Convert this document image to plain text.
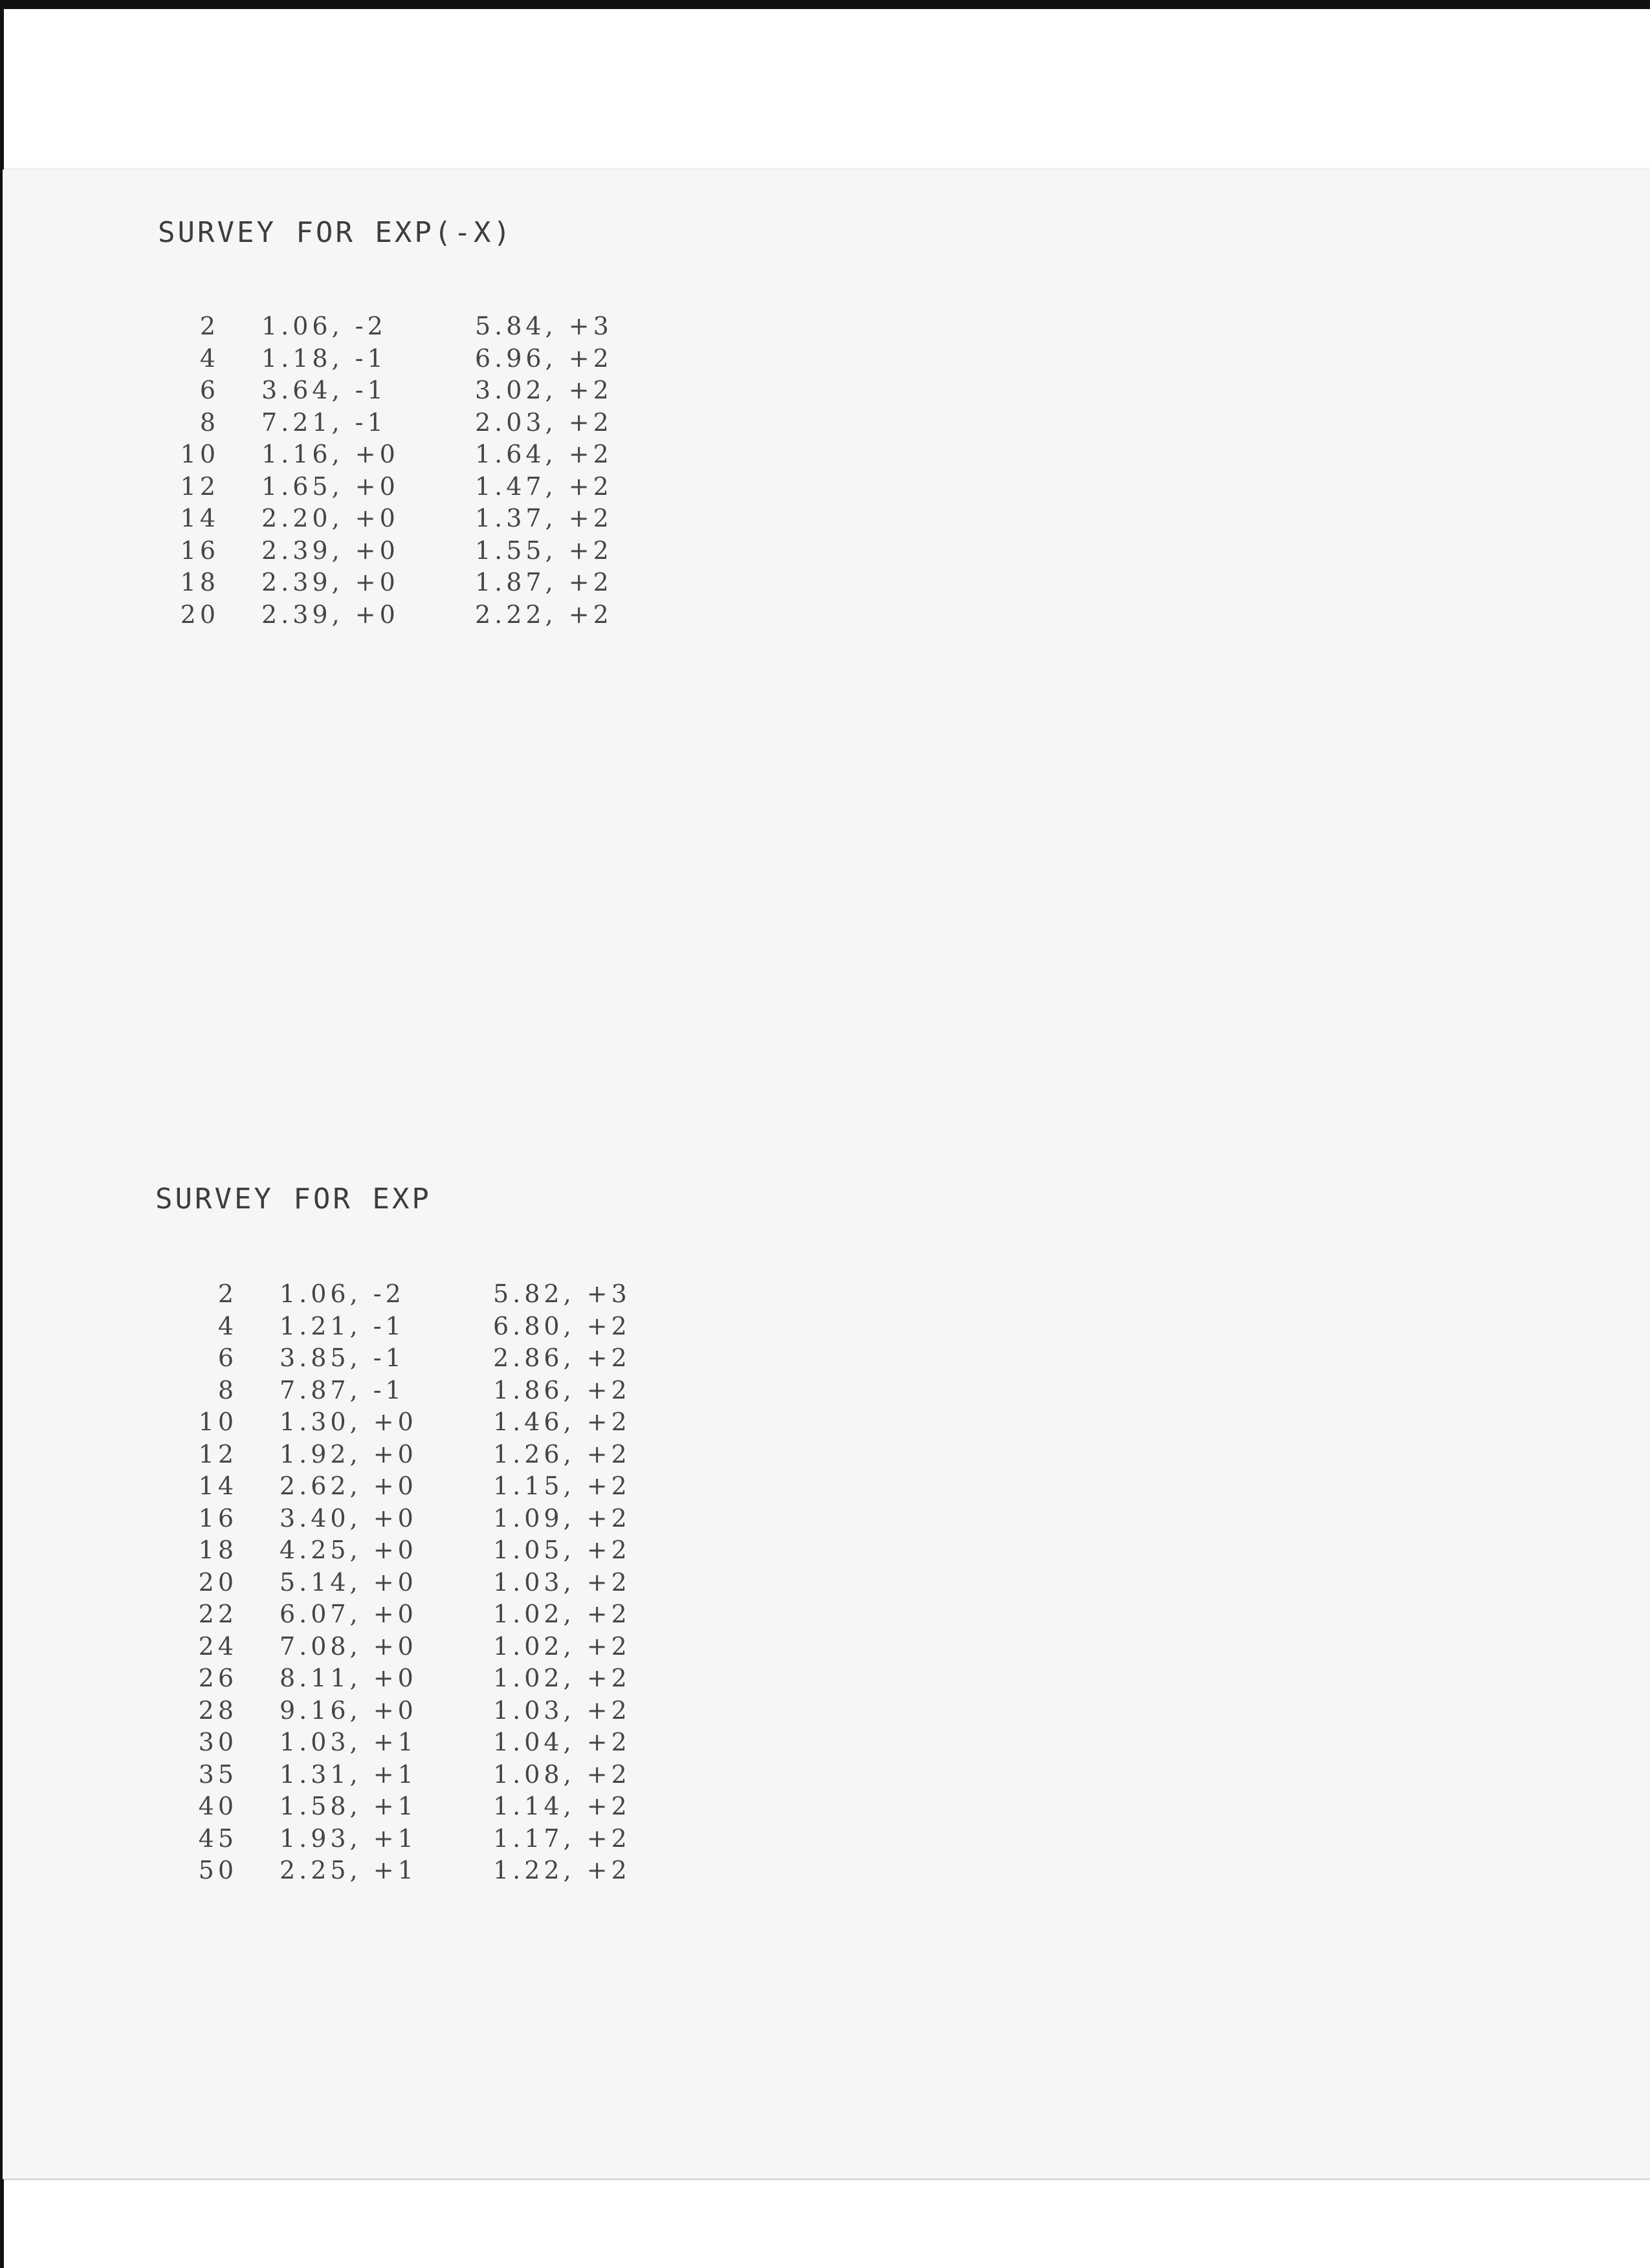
SURVEY FOR EXP(-X)
2 1.06, -2	5.84, +3
4 1.18, -1	6.96, +2
6 3.64, -1	3.02, +2
8 7.21, -1	2.03, +2
10 1.16, +0	1.64, +2
12 1.65, +0	1.47, +2
14 2.20, +0	1.37, +2
16 2.39, +0	1.55, +2
18 2.39, +0	1.87, +2
20 2.39, +0	2.22, +2
SURVEY FOR EXP
2 1.06, -2	5.82, +3
4 1.21, -1	6.80, +2
6 3.85, -1	2.86, +2
8 7.87, -1	1.86, +2
10 1.30, +0	1.46, +2
12 1.92, +0	1.26, +2
14 2.62, +0	1.15, +2
16 3.40, +0	1.09, +2
18 4.25, +0	1.05, +2
20 5.14, +0	1.03, +2
22 6.07, +0	1.02, +2
24 7.08, +0	1.02, +2
26 8.11, +0	1.02, +2
28 9.16, +0	1.03, +2
30 1.03, +1	1.04, +2
35 1.31, +1	1.08, +2
40 1.58, +1	1.14, +2
45 1.93, +1	1.17, +2
50 2.25, +1	1.22, +2
